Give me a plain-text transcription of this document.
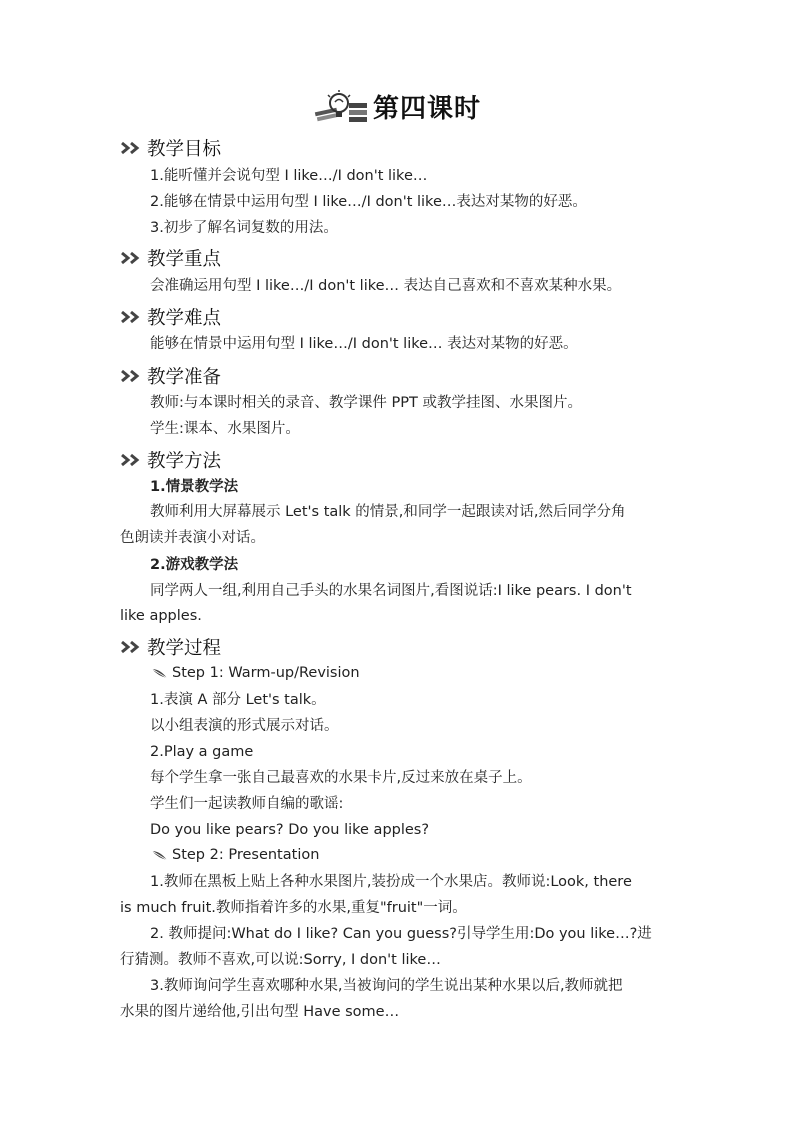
第四课时
教学目标
1.能听懂并会说句型 I like…/I don't like…
2.能够在情景中运用句型 I like…/I don't like…表达对某物的好恶。
3.初步了解名词复数的用法。
教学重点
会准确运用句型 I like…/I don't like… 表达自己喜欢和不喜欢某种水果。
教学难点
能够在情景中运用句型 I like…/I don't like… 表达对某物的好恶。
教学准备
教师:与本课时相关的录音、教学课件 PPT 或教学挂图、水果图片。
学生:课本、水果图片。
教学方法
1.情景教学法
教师利用大屏幕展示 Let's talk 的情景,和同学一起跟读对话,然后同学分角
色朗读并表演小对话。
2.游戏教学法
同学两人一组,利用自己手头的水果名词图片,看图说话:I like pears. I don't
like apples.
教学过程
Step 1: Warm-up/Revision
1.表演 A 部分 Let's talk。
以小组表演的形式展示对话。
2.Play a game
每个学生拿一张自己最喜欢的水果卡片,反过来放在桌子上。
学生们一起读教师自编的歌谣:
Do you like pears? Do you like apples?
Step 2: Presentation
1.教师在黑板上贴上各种水果图片,装扮成一个水果店。教师说:Look, there
is much fruit.教师指着许多的水果,重复"fruit"一词。
2. 教师提问:What do I like? Can you guess?引导学生用:Do you like…?进
行猜测。教师不喜欢,可以说:Sorry, I don't like…
3.教师询问学生喜欢哪种水果,当被询问的学生说出某种水果以后,教师就把
水果的图片递给他,引出句型 Have some…
